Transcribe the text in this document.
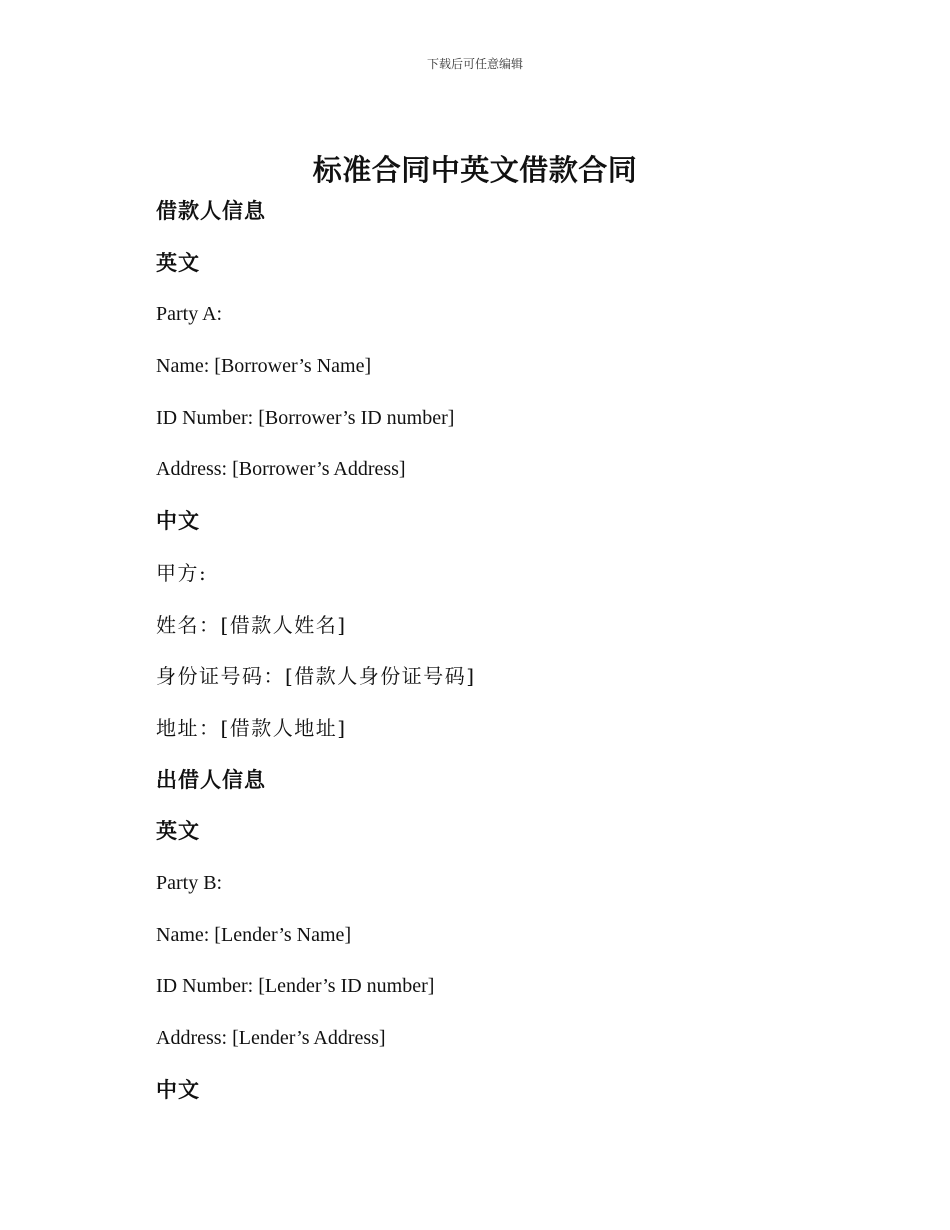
下载后可任意编辑
标准合同中英文借款合同
借款人信息
英文
Party A:
Name: [Borrower’s Name]
ID Number: [Borrower’s ID number]
Address: [Borrower’s Address]
中文
甲方:
姓名：[借款人姓名]
身份证号码：[借款人身份证号码]
地址：[借款人地址]
出借人信息
英文
Party B:
Name: [Lender’s Name]
ID Number: [Lender’s ID number]
Address: [Lender’s Address]
中文
